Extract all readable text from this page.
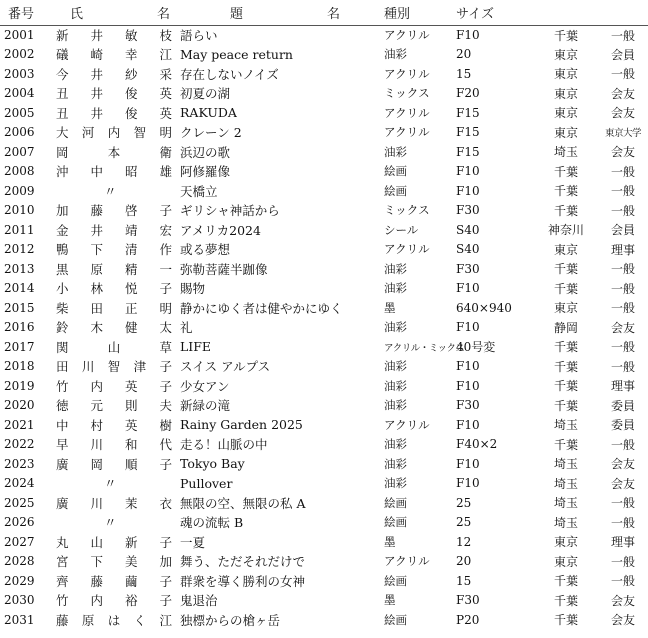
番号	氏 名	題 名	種別	サイズ		
2001	新 井 敏 枝	語らい	アクリル	F10	千葉	一般
2002	礒 崎 幸 江	May peace return	油彩	20	東京	会員
2003	今 井 紗 采	存在しないノイズ	アクリル	15	東京	一般
2004	丑 井 俊 英	初夏の湖	ミックス	F20	東京	会友
2005	丑 井 俊 英	RAKUDA	アクリル	F15	東京	会友
2006	大 河 内 智 明	クレーン 2	アクリル	F15	東京	東京大学
2007	岡 本 衛	浜辺の歌	油彩	F15	埼玉	会友
2008	沖 中 昭 雄	阿修羅像	絵画	F10	千葉	一般
2009	〃	天橋立	絵画	F10	千葉	一般
2010	加 藤 啓 子	ギリシャ神話から	ミックス	F30	千葉	一般
2011	金 井 靖 宏	アメリカ2024	シール	S40	神奈川	会員
2012	鴨 下 清 作	或る夢想	アクリル	S40	東京	理事
2013	黒 原 精 一	弥勒菩薩半跏像	油彩	F30	千葉	一般
2014	小 林 悦 子	賜物	油彩	F10	千葉	一般
2015	柴 田 正 明	静かにゆく者は健やかにゆく	墨	640×940	東京	一般
2016	鈴 木 健 太	礼	油彩	F10	静岡	会友
2017	関 山 草	LIFE	アクリル・ミックス	40号変	千葉	一般
2018	田 川 智 津 子	スイス アルプス	油彩	F10	千葉	一般
2019	竹 内 英 子	少女アン	油彩	F10	千葉	理事
2020	徳 元 則 夫	新緑の滝	油彩	F30	千葉	委員
2021	中 村 英 樹	Rainy Garden 2025	アクリル	F10	埼玉	委員
2022	早 川 和 代	走る！山脈の中	油彩	F40×2	千葉	一般
2023	廣 岡 順 子	Tokyo Bay	油彩	F10	埼玉	会友
2024	〃	Pullover	油彩	F10	埼玉	会友
2025	廣 川 茉 衣	無限の空、無限の私 A	絵画	25	埼玉	一般
2026	〃	魂の流転 B	絵画	25	埼玉	一般
2027	丸 山 新 子	一夏	墨	12	東京	理事
2028	宮 下 美 加	舞う、ただそれだけで	アクリル	20	東京	一般
2029	齊 藤 繭 子	群衆を導く勝利の女神	絵画	15	千葉	一般
2030	竹 内 裕 子	鬼退治	墨	F30	千葉	会友
2031	藤 原 は く 江	独標からの槍ヶ岳	絵画	P20	千葉	会友
